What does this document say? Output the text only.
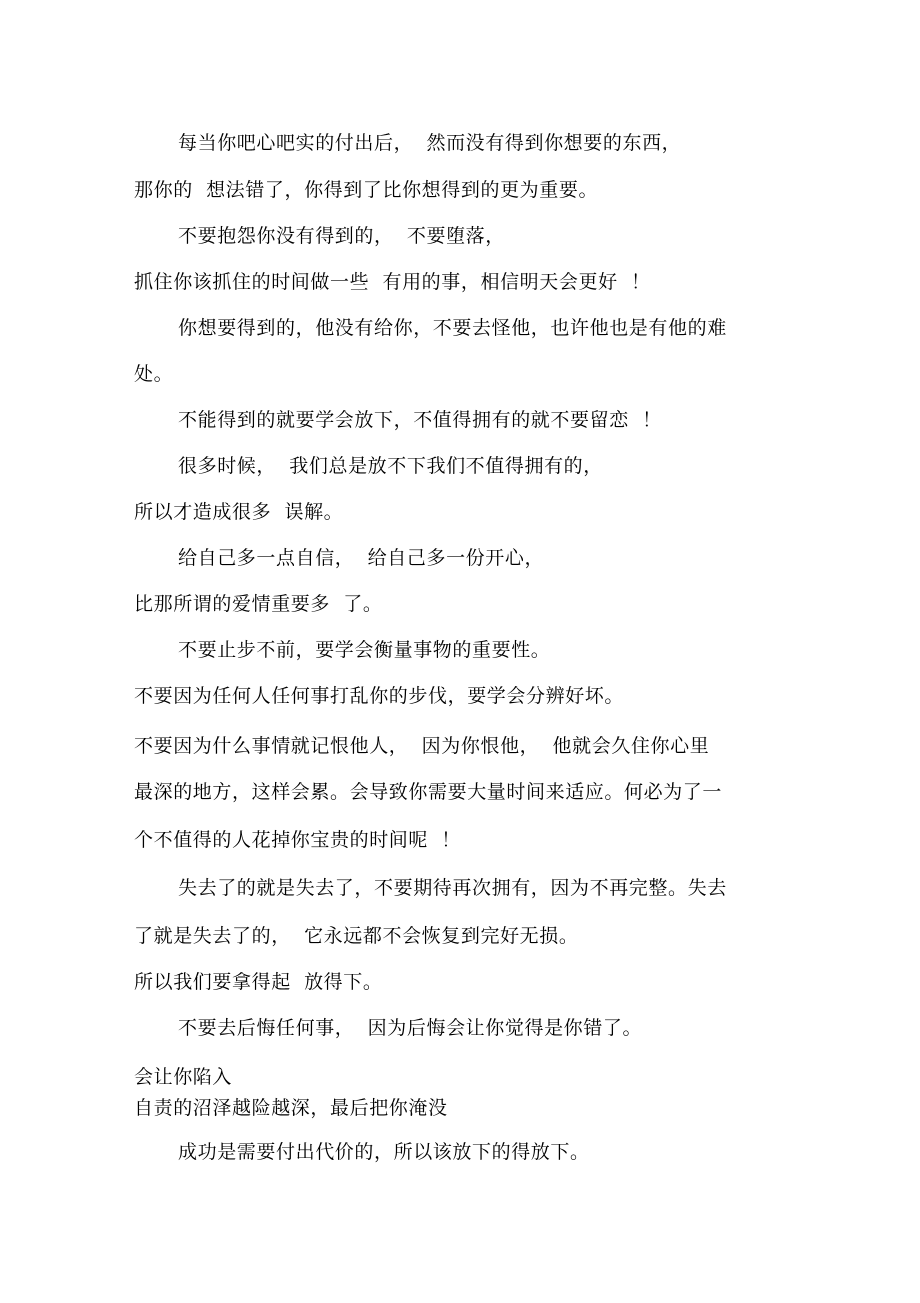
每当你吧心吧实的付出后，  然而没有得到你想要的东西，
那你的  想法错了，你得到了比你想得到的更为重要。
不要抱怨你没有得到的，  不要堕落，
抓住你该抓住的时间做一些  有用的事，相信明天会更好  ！
你想要得到的，他没有给你，不要去怪他，也许他也是有他的难
处。
不能得到的就要学会放下，不值得拥有的就不要留恋  ！
很多时候，  我们总是放不下我们不值得拥有的，
所以才造成很多  误解。
给自己多一点自信，  给自己多一份开心，
比那所谓的爱情重要多  了。
不要止步不前，要学会衡量事物的重要性。
不要因为任何人任何事打乱你的步伐，要学会分辨好坏。
不要因为什么事情就记恨他人，  因为你恨他，  他就会久住你心里
最深的地方，这样会累。会导致你需要大量时间来适应。何必为了一
个不值得的人花掉你宝贵的时间呢  ！
失去了的就是失去了，不要期待再次拥有，因为不再完整。失去
了就是失去了的，  它永远都不会恢复到完好无损。
所以我们要拿得起  放得下。
不要去后悔任何事，  因为后悔会让你觉得是你错了。
会让你陷入
自责的沼泽越险越深，最后把你淹没
成功是需要付出代价的，所以该放下的得放下。
